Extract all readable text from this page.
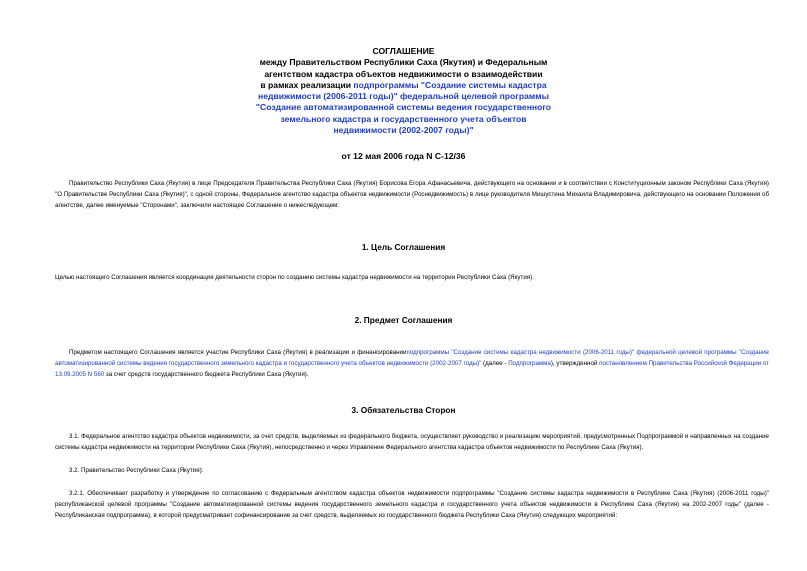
СОГЛАШЕНИЕ
между Правительством Республики Саха (Якутия) и Федеральным
агентством кадастра объектов недвижимости о взаимодействии
в рамках реализации подпрограммы "Создание системы кадастра
недвижимости (2006-2011 годы)" федеральной целевой программы
"Создание автоматизированной системы ведения государственного
земельного кадастра и государственного учета объектов
недвижимости (2002-2007 годы)"
от 12 мая 2006 года N С-12/36
Правительство Республики Саха (Якутия) в лице Председателя Правительства Республики Саха (Якутия) Борисова Егора Афанасьевича, действующего на основании и в соответствии с Конституционным законом Республики Саха (Якутия) "О Правительстве Республики Саха (Якутия)", с одной стороны, Федеральное агентство кадастра объектов недвижимости (Роснедвижимость) в лице руководителя Мишустина Михаила Владимировича, действующего на основании Положения об агентстве, далее именуемые "Сторонами", заключили настоящее Соглашение о нижеследующем:
1. Цель Соглашения
Целью настоящего Соглашения является координация деятельности сторон по созданию системы кадастра недвижимости на территории Республики Саха (Якутия).
2. Предмет Соглашения
Предметом настоящего Соглашения является участие Республики Саха (Якутия) в реализации и финансированииподпрограммы "Создание системы кадастра недвижимости (2006-2011 годы)" федеральной целевой программы "Создание автоматизированной системы ведения государственного земельного кадастра и государственного учета объектов недвижимости (2002-2007 годы)" (далее - Подпрограмма), утвержденной постановлением Правительства Российской Федерации от 13.09.2005 N 560 за счет средств государственного бюджета Республики Саха (Якутия).
3. Обязательства Сторон
3.1. Федеральное агентство кадастра объектов недвижимости, за счет средств, выделяемых из федерального бюджета, осуществляет руководство и реализацию мероприятий, предусмотренных Подпрограммой и направленных на создание системы кадастра недвижимости на территории Республики Саха (Якутия), непосредственно и через Управление Федерального агентства кадастра объектов недвижимости по Республике Саха (Якутия).
3.2. Правительство Республики Саха (Якутия):
3.2.1. Обеспечивает разработку и утверждение по согласованию с Федеральным агентством кадастра объектов недвижимости подпрограммы "Создание системы кадастра недвижимости в Республике Саха (Якутия) (2006-2011 годы)" республиканской целевой программы "Создание автоматизированной системы ведения государственного земельного кадастра и государственного учета объектов недвижимости в Республике Саха (Якутия) на 2002-2007 годы" (далее - Республиканская подпрограмма), в которой предусматривает софинансирование за счет средств, выделяемых из государственного бюджета Республики Саха (Якутия) следующих мероприятий:
